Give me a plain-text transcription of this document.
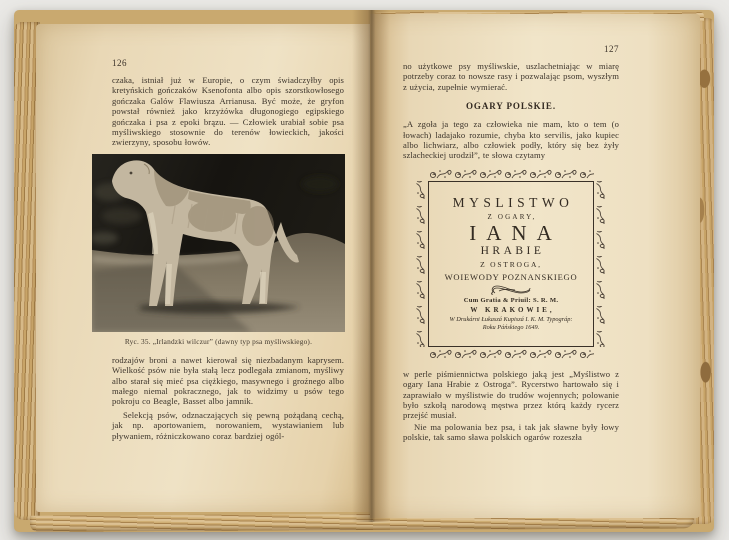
126
czaka, istniał już w Europie, o czym świadczyłby opis kretyńskich gończaków Ksenofonta albo opis szorstkowłosego gończaka Galów Flawiusza Arrianusa. Być może, że gryfon powstał również jako krzyżówka długonogiego egipskiego gończaka i psa z epoki brązu. — Człowiek urabiał sobie psa myśliwskiego stosownie do terenów łowieckich, jakości zwierzyny, sposobu łowów.
Ryc. 35. „Irlandzki wilczur” (dawny typ psa myśliwskiego).
rodzajów broni a nawet kierował się niezbadanym kaprysem. Wielkość psów nie była stałą lecz podlegała zmianom, myśliwy albo starał się mieć psa ciężkiego, masywnego i groźnego albo małego niemal pokracznego, jak to widzimy u psów tego pokroju co Beagle, Basset albo jamnik.
Selekcją psów, odznaczających się pewną pożądaną cechą, jak np. aportowaniem, norowaniem, wystawianiem lub pływaniem, różniczkowano coraz bardziej ogól-
127
no użytkowe psy myśliwskie, uszlachetniając w miarę potrzeby coraz to nowsze rasy i pozwalając psom, wyszłym z użycia, zupełnie wymierać.
OGARY POLSKIE.
„A zgoła ja tego za człowieka nie mam, kto o tem (o łowach) ladajako rozumie, chyba kto servilis, jako kupiec albo lichwiarz, albo człowiek podły, który się bez żyły szlacheckiej urodził”, te słowa czytamy
MYSLISTWO
Z OGARY,
IANA
HRABIE
Z OSTROGA,
WOIEWODY POZNANSKIEGO
Cum Gratia & Priuil: S. R. M.
W KRAKOWIE,
W Drukárni Łukaszá Kupiszá I. K. M. Typográp:
Roku Páńskiego 1649.
w perle piśmiennictwa polskiego jaką jest „Myślistwo z ogary Iana Hrabie z Ostroga”. Rycerstwo hartowało się i zaprawiało w myślistwie do trudów wojennych; polowanie było szkołą narodową męstwa przez którą każdy rycerz przejść musiał.
Nie ma polowania bez psa, i tak jak sławne były łowy polskie, tak samo sława polskich ogarów rozeszła
